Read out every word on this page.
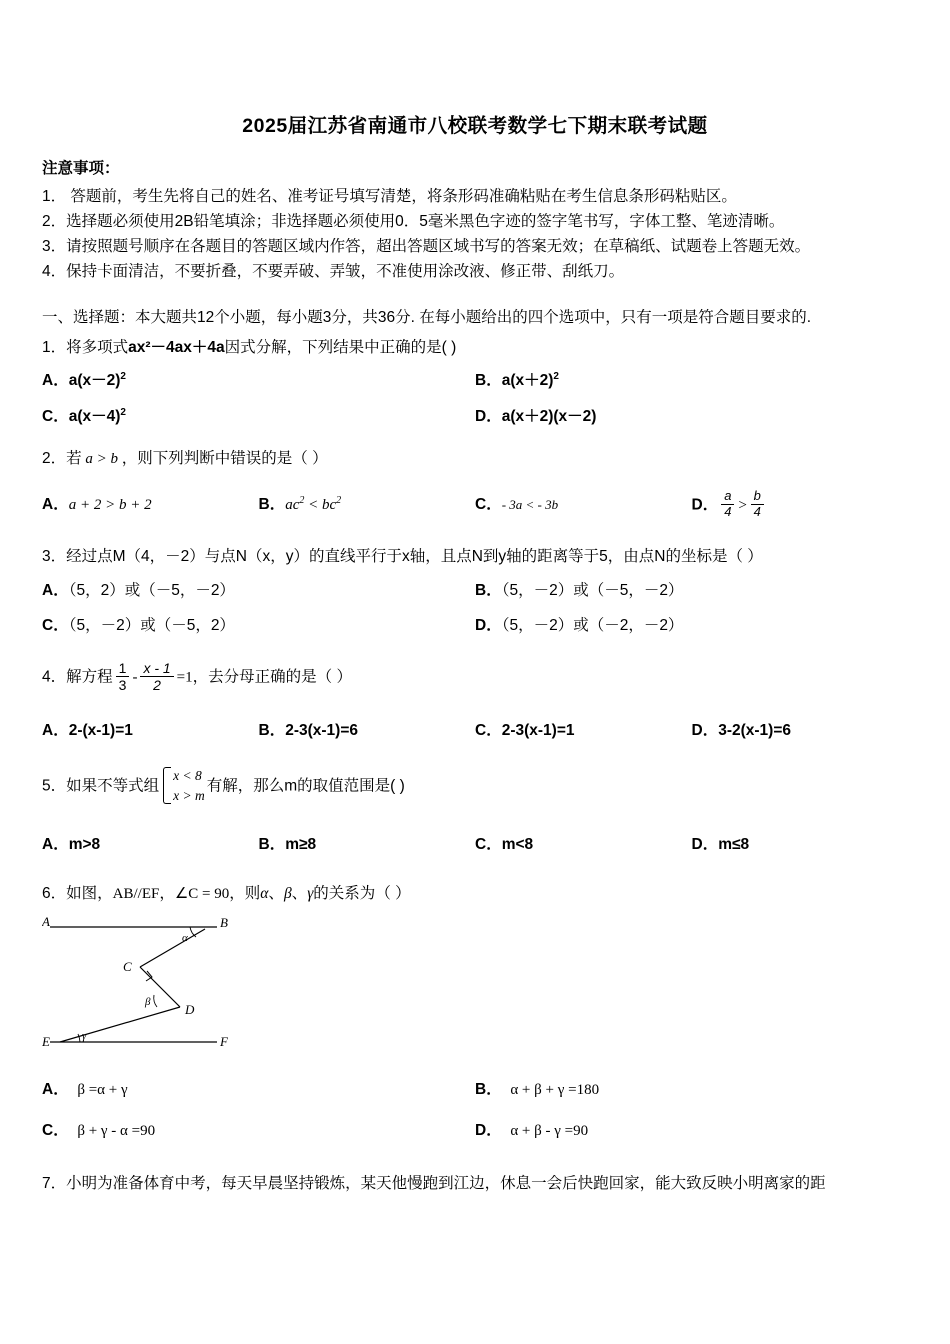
2025届江苏省南通市八校联考数学七下期末联考试题
注意事项：
1． 答题前，考生先将自己的姓名、准考证号填写清楚，将条形码准确粘贴在考生信息条形码粘贴区。
2．选择题必须使用2B铅笔填涂；非选择题必须使用0．5毫米黑色字迹的签字笔书写，字体工整、笔迹清晰。
3．请按照题号顺序在各题目的答题区域内作答，超出答题区域书写的答案无效；在草稿纸、试题卷上答题无效。
4．保持卡面清洁，不要折叠，不要弄破、弄皱，不准使用涂改液、修正带、刮纸刀。
一、选择题：本大题共12个小题，每小题3分，共36分. 在每小题给出的四个选项中，只有一项是符合题目要求的.
1．将多项式ax²－4ax＋4a因式分解，下列结果中正确的是( )
A．$a(x-2)^2$	B．$a(x+2)^2$
C．$a(x-4)^2$	D．a(x＋2)(x－2)
2．若 a > b ，则下列判断中错误的是（ ）
A．a + 2 > b + 2	B．$ac^2 < bc^2$	C．- 3a < - 3b	D． $\frac{a}{4} > \frac{b}{4}$
3．经过点M（4，－2）与点N（x，y）的直线平行于x轴，且点N到y轴的距离等于5，由点N的坐标是（ ）
A．（5，2）或（－5，－2）	B．（5，－2）或（－5，－2）
C．（5，－2）或（－5，2）	D．（5，－2）或（－2，－2）
4．解方程 $\frac{1}{3} - \frac{x - 1}{2} =1$，去分母正确的是（ ）
A．2-(x-1)=1	B．2-3(x-1)=6	C．2-3(x-1)=1	D．3-2(x-1)=6
5．如果不等式组
x < 8
x > m
有解，那么m的取值范围是( )
A．m>8	B．m≥8	C．m<8	D．m≤8
6．如图，AB//EF，∠C = 90，则α、β、γ的关系为（ ）
A	B
C
D
E	F
α
β
γ
A． β =α + γ	B． α + β + γ =180
C． β + γ - α =90	D． α + β - γ =90
7．小明为准备体育中考，每天早晨坚持锻炼，某天他慢跑到江边，休息一会后快跑回家，能大致反映小明离家的距
